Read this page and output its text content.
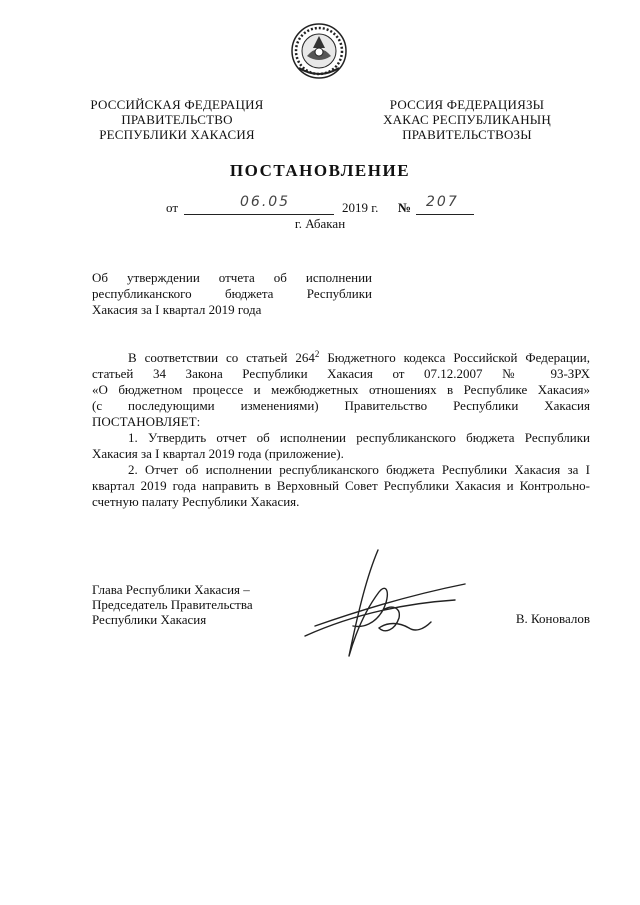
РОССИЙСКАЯ ФЕДЕРАЦИЯ
ПРАВИТЕЛЬСТВО
РЕСПУБЛИКИ ХАКАСИЯ
РОССИЯ ФЕДЕРАЦИЯЗЫ
ХАКАС РЕСПУБЛИКАНЫҢ
ПРАВИТЕЛЬСТВОЗЫ
ПОСТАНОВЛЕНИЕ
от	06.05	2019 г. № 207
г. Абакан
Об утверждении отчета об исполнении
республиканского бюджета Республики
Хакасия за I квартал 2019 года

В соответствии со статьей $264^2$ Бюджетного кодекса Российской Федерации,

статьей 34 Закона Республики Хакасия от 07.12.2007 № 93-ЗРХ

«О бюджетном процессе и межбюджетных отношениях в Республике Хакасия»

(с последующими изменениями) Правительство Республики Хакасия

ПОСТАНОВЛЯЕТ:

1. Утвердить отчет об исполнении республиканского бюджета Республики Хакасия за I квартал 2019 года (приложение).

2. Отчет об исполнении республиканского бюджета Республики Хакасия за I квартал 2019 года направить в Верховный Совет Республики Хакасия и Контрольно-счетную палату Республики Хакасия.

Глава Республики Хакасия –
Председатель Правительства
Республики Хакасия	В. Коновалов
